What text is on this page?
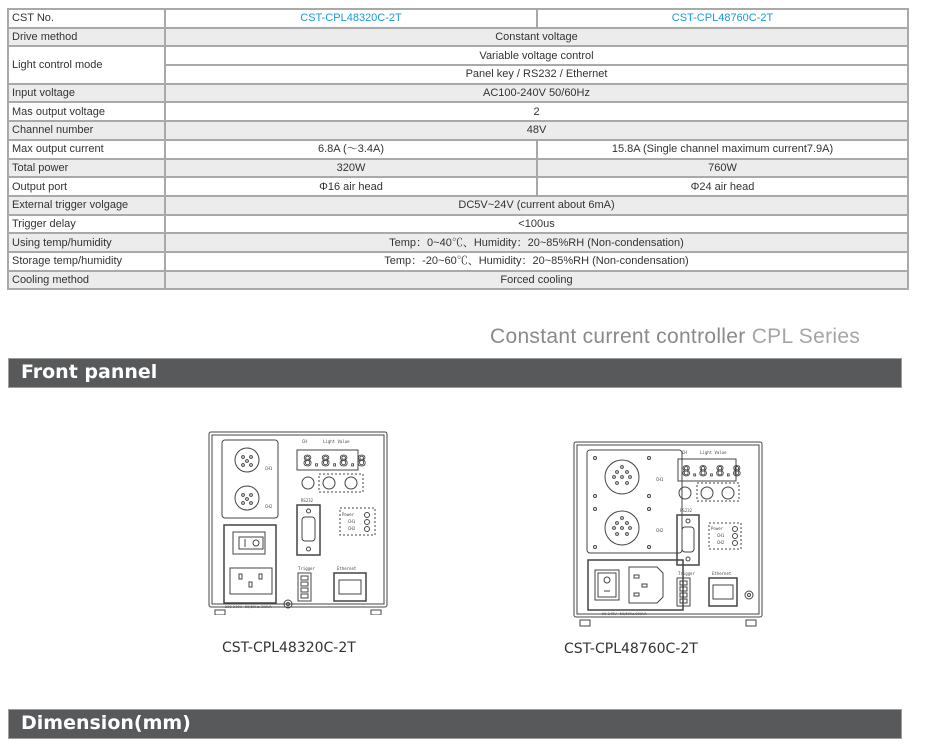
CST No.	CST-CPL48320C-2T	CST-CPL48760C-2T
Drive method	Constant voltage	
Light control mode	Variable voltage control	
	Panel key / RS232 / Ethernet	
Input voltage	AC100-240V 50/60Hz	
Mas output voltage	2	
Channel number	48V	
Max output current	6.8A (～3.4A)	15.8A (Single channel maximum current7.9A)
Total power	320W	760W
Output port	Φ16 air head	Φ24 air head
External trigger volgage	DC5V~24V (current about 6mA)	
Trigger delay	<100us	
Using temp/humidity	Temp：0~40℃、Humidity：20~85%RH (Non-condensation)	
Storage temp/humidity	Temp：-20~60℃、Humidity：20~85%RH (Non-condensation)	
Cooling method	Forced cooling	
Constant current controller CPL Series
Front pannel
CH1
CH2
200-240V~50/60Hz 300VA
CH	Light Value
8.8.8.8
RS232
Power
CH1
CH2
Trigger	Ethernet
CST-CPL48320C-2T
CH1
CH2
90-240V~50/60Hz 800VA
CH	Light Value
8.8.8.8
RS232
Power
CH1
CH2
Trigger	Ethernet
CST-CPL48760C-2T
Dimension(mm)
